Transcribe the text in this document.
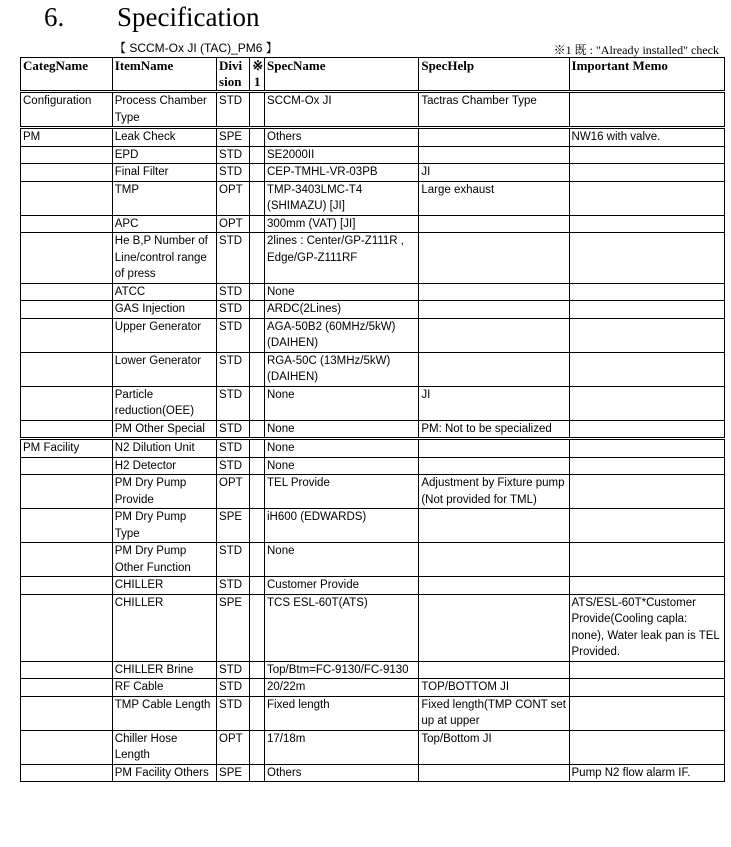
6. Specification
【 SCCM-Ox JI (TAC)_PM6 】	※1 既 : "Already installed" check
CategName	ItemName	Divi sion	※ 1	SpecName	SpecHelp	Important Memo
Configuration	Process Chamber Type	STD		SCCM-Ox JI	Tactras Chamber Type	
PM	Leak Check	SPE		Others		NW16 with valve.
	EPD	STD		SE2000II		
	Final Filter	STD		CEP-TMHL-VR-03PB	JI	
	TMP	OPT		TMP-3403LMC-T4 (SHIMAZU) [JI]	Large exhaust	
	APC	OPT		300mm (VAT) [JI]		
	He B,P Number of Line/control range of press	STD		2lines : Center/GP-Z111R , Edge/GP-Z111RF		
	ATCC	STD		None		
	GAS Injection	STD		ARDC(2Lines)		
	Upper Generator	STD		AGA-50B2 (60MHz/5kW)(DAIHEN)		
	Lower Generator	STD		RGA-50C (13MHz/5kW)(DAIHEN)		
	Particle reduction(OEE)	STD		None	JI	
	PM Other Special	STD		None	PM: Not to be specialized	
PM Facility	N2 Dilution Unit	STD		None		
	H2 Detector	STD		None		
	PM Dry Pump Provide	OPT		TEL Provide	Adjustment by Fixture pump (Not provided for TML)	
	PM Dry Pump Type	SPE		iH600 (EDWARDS)		
	PM Dry Pump Other Function	STD		None		
	CHILLER	STD		Customer Provide		
	CHILLER	SPE		TCS ESL-60T(ATS)		ATS/ESL-60T*Customer Provide(Cooling capla: none), Water leak pan is TEL Provided.
	CHILLER Brine	STD		Top/Btm=FC-9130/FC-9130		
	RF Cable	STD		20/22m	TOP/BOTTOM JI	
	TMP Cable Length	STD		Fixed length	Fixed length(TMP CONT set up at upper	
	Chiller Hose Length	OPT		17/18m	Top/Bottom JI	
	PM Facility Others	SPE		Others		Pump N2 flow alarm IF.
